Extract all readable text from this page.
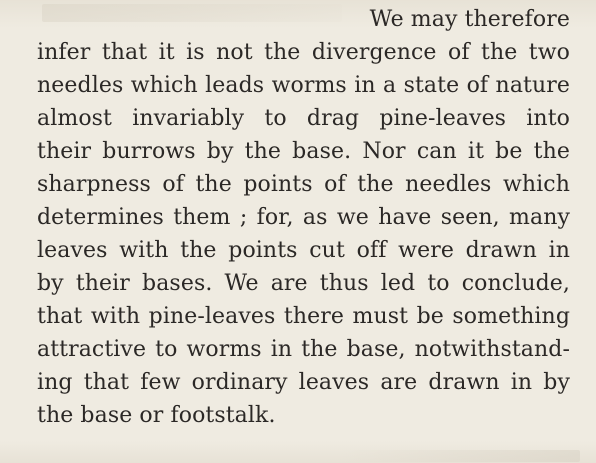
We may therefore
infer that it is not the divergence of the two
needles which leads worms in a state of nature
almost invariably to drag pine-leaves into
their burrows by the base. Nor can it be the
sharpness of the points of the needles which
determines them ; for, as we have seen, many
leaves with the points cut off were drawn in
by their bases. We are thus led to conclude,
that with pine-leaves there must be something
attractive to worms in the base, notwithstand-
ing that few ordinary leaves are drawn in by
the base or footstalk.
